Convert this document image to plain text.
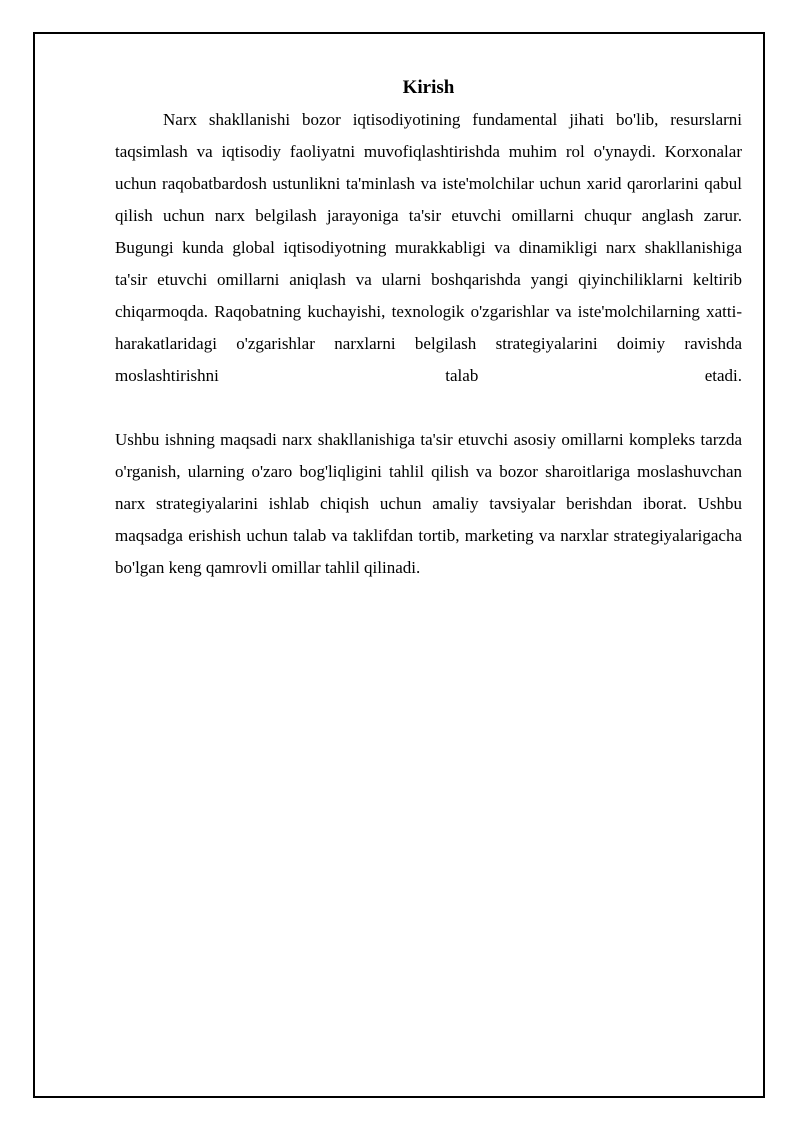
Kirish

Narx shakllanishi bozor iqtisodiyotining fundamental jihati bo'lib, resurslarni taqsimlash va iqtisodiy faoliyatni muvofiqlashtirishda muhim rol o'ynaydi. Korxonalar uchun raqobatbardosh ustunlikni ta'minlash va iste'molchilar uchun xarid qarorlarini qabul qilish uchun narx belgilash jarayoniga ta'sir etuvchi omillarni chuqur anglash zarur. Bugungi kunda global iqtisodiyotning murakkabligi va dinamikligi narx shakllanishiga ta'sir etuvchi omillarni aniqlash va ularni boshqarishda yangi qiyinchiliklarni keltirib chiqarmoqda. Raqobatning kuchayishi, texnologik o'zgarishlar va iste'molchilarning xatti-harakatlaridagi o'zgarishlar narxlarni belgilash strategiyalarini doimiy ravishda moslashtirishni talab etadi.

Ushbu ishning maqsadi narx shakllanishiga ta'sir etuvchi asosiy omillarni kompleks tarzda o'rganish, ularning o'zaro bog'liqligini tahlil qilish va bozor sharoitlariga moslashuvchan narx strategiyalarini ishlab chiqish uchun amaliy tavsiyalar berishdan iborat. Ushbu maqsadga erishish uchun talab va taklifdan tortib, marketing va narxlar strategiyalarigacha bo'lgan keng qamrovli omillar tahlil qilinadi.
